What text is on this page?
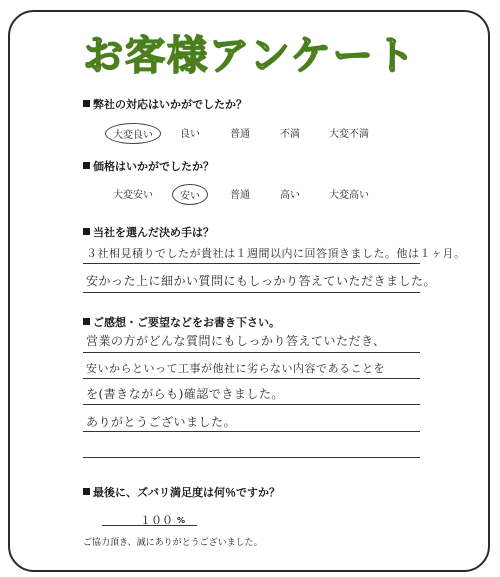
お客様アンケート
弊社の対応はいかがでしたか？
大変良い	良い	普通	不満	大変不満
価格はいかがでしたか？
大変安い	安い	普通	高い	大変高い
当社を選んだ決め手は？
３社相見積りでしたが貴社は１週間以内に回答頂きました。他は１ヶ月。
安かった上に細かい質問にもしっかり答えていただきました。
ご感想・ご要望などをお書き下さい。
営業の方がどんな質問にもしっかり答えていただき、
安いからといって工事が他社に劣らない内容であることを
を(書きながらも)確認できました。
ありがとうございました。
最後に、ズバリ満足度は何％ですか？
１００ %
ご協力頂き、誠にありがとうございました。
